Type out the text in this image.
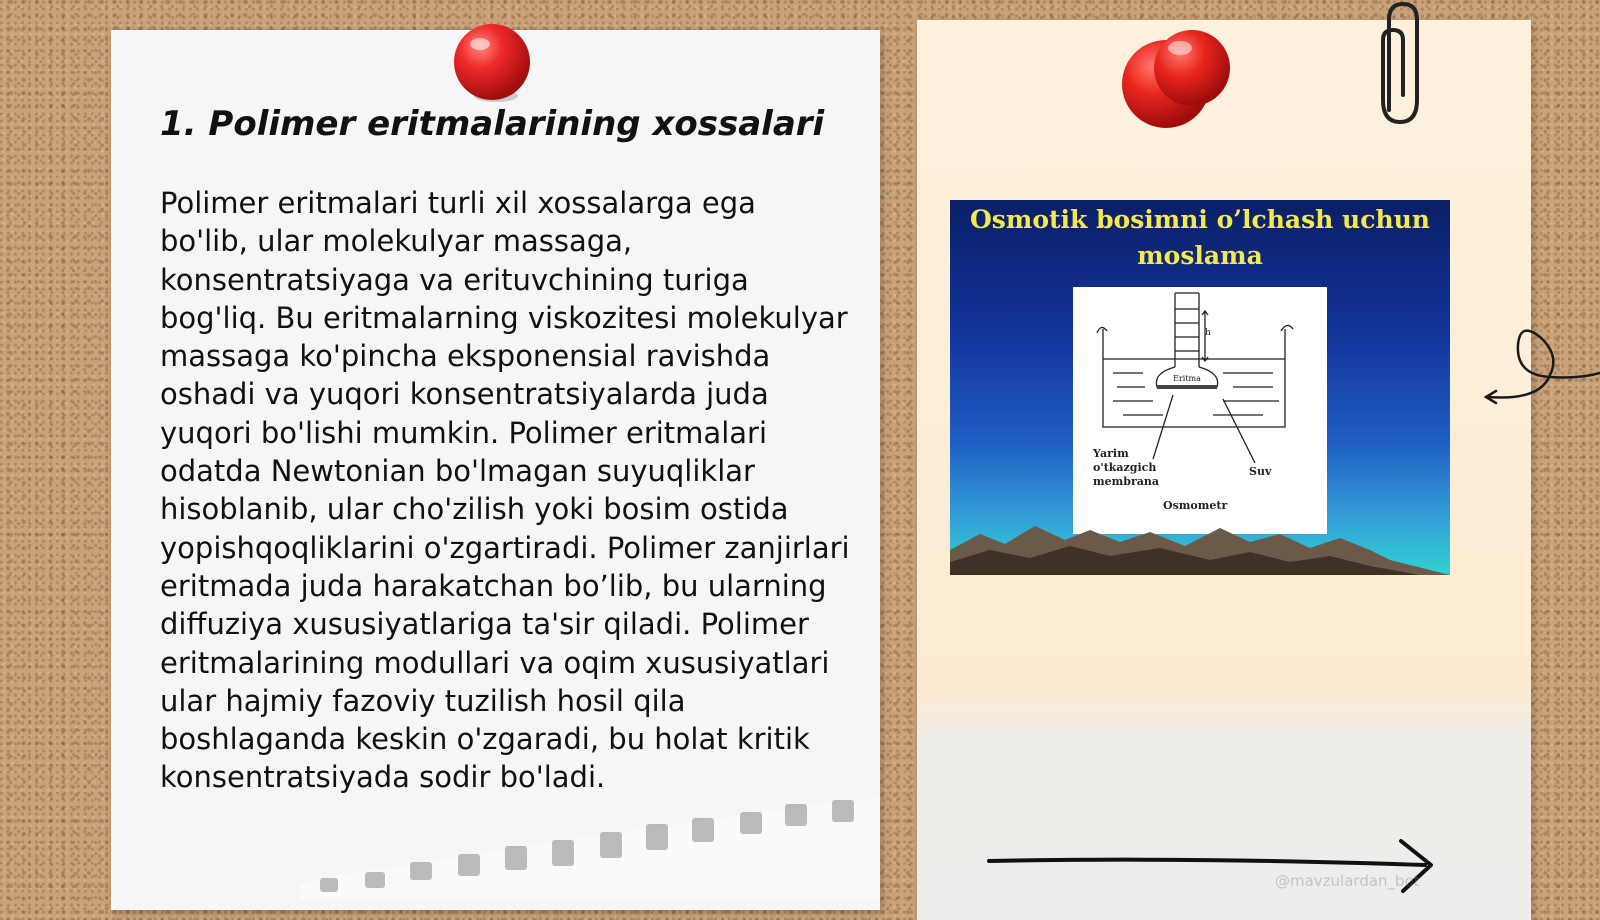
1. Polimer eritmalarining xossalari

Polimer eritmalari turli xil xossalarga ega bo'lib, ular molekulyar massaga, konsentratsiyaga va erituvchining turiga bog'liq. Bu eritmalarning viskozitesi molekulyar massaga ko'pincha eksponensial ravishda oshadi va yuqori konsentratsiyalarda juda yuqori bo'lishi mumkin. Polimer eritmalari odatda Newtonian bo'lmagan suyuqliklar hisoblanib, ular cho'zilish yoki bosim ostida yopishqoqliklarini o'zgartiradi. Polimer zanjirlari eritmada juda harakatchan bo’lib, bu ularning diffuziya xususiyatlariga ta'sir qiladi. Polimer eritmalarining modullari va oqim xususiyatlari ular hajmiy fazoviy tuzilish hosil qila boshlaganda keskin o'zgaradi, bu holat kritik konsentratsiyada sodir bo'ladi.

Osmotik bosimni o’lchash uchun moslama
h
Eritma
Yarim
o'tkazgich
membrana
Suv
Osmometr
@mavzulardan_bot
